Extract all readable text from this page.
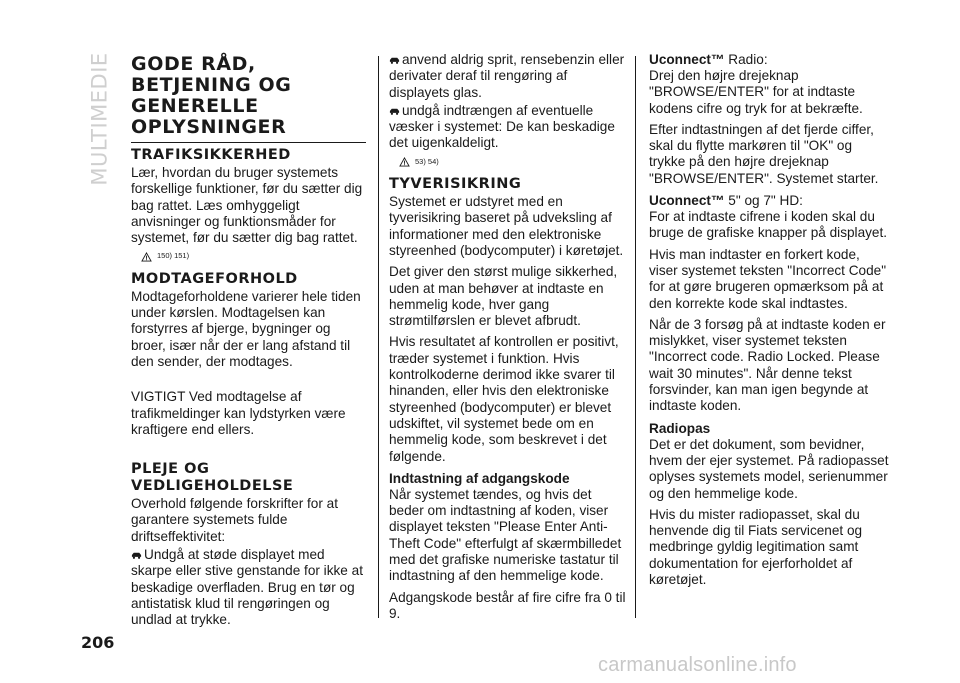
MULTIMEDIE GODE RÅD,
BETJENING OG
GENERELLE
OPLYSNINGER
TRAFIKSIKKERHED

Lær, hvordan du bruger systemets forskellige funktioner, før du sætter dig bag rattet. Læs omhyggeligt anvisninger og funktionsmåder for systemet, før du sætter dig bag rattet.

150) 151)
MODTAGEFORHOLD

Modtageforholdene varierer hele tiden under kørslen. Modtagelsen kan forstyrres af bjerge, bygninger og broer, især når der er lang afstand til den sender, der modtages.

VIGTIGT Ved modtagelse af trafikmeldinger kan lydstyrken være kraftigere end ellers.

PLEJE OG
VEDLIGEHOLDELSE

Overhold følgende forskrifter for at garantere systemets fulde driftseffektivitet:

Undgå at støde displayet med skarpe eller stive genstande for ikke at beskadige overfladen. Brug en tør og antistatisk klud til rengøringen og undlad at trykke.

anvend aldrig sprit, rensebenzin eller derivater deraf til rengøring af displayets glas.

undgå indtrængen af eventuelle væsker i systemet: De kan beskadige det uigenkaldeligt.

53) 54)
TYVERISIKRING

Systemet er udstyret med en tyverisikring baseret på udveksling af informationer med den elektroniske styreenhed (bodycomputer) i køretøjet.

Det giver den størst mulige sikkerhed, uden at man behøver at indtaste en hemmelig kode, hver gang strømtilførslen er blevet afbrudt.

Hvis resultatet af kontrollen er positivt, træder systemet i funktion. Hvis kontrolkoderne derimod ikke svarer til hinanden, eller hvis den elektroniske styreenhed (bodycomputer) er blevet udskiftet, vil systemet bede om en hemmelig kode, som beskrevet i det følgende.

Indtastning af adgangskode

Når systemet tændes, og hvis det beder om indtastning af koden, viser displayet teksten "Please Enter Anti-Theft Code" efterfulgt af skærmbilledet med det grafiske numeriske tastatur til indtastning af den hemmelige kode.

Adgangskode består af fire cifre fra 0 til 9.

Uconnect™ Radio:

Drej den højre drejeknap "BROWSE/ENTER" for at indtaste kodens cifre og tryk for at bekræfte.

Efter indtastningen af det fjerde ciffer, skal du flytte markøren til "OK" og trykke på den højre drejeknap "BROWSE/ENTER". Systemet starter.

Uconnect™ 5" og 7" HD:

For at indtaste cifrene i koden skal du bruge de grafiske knapper på displayet.

Hvis man indtaster en forkert kode, viser systemet teksten "Incorrect Code" for at gøre brugeren opmærksom på at den korrekte kode skal indtastes.

Når de 3 forsøg på at indtaste koden er mislykket, viser systemet teksten "Incorrect code. Radio Locked. Please wait 30 minutes". Når denne tekst forsvinder, kan man igen begynde at indtaste koden.

Radiopas

Det er det dokument, som bevidner, hvem der ejer systemet. På radiopasset oplyses systemets model, serienummer og den hemmelige kode.

Hvis du mister radiopasset, skal du henvende dig til Fiats servicenet og medbringe gyldig legitimation samt dokumentation for ejerforholdet af køretøjet.

206
carmanualsonline.info
